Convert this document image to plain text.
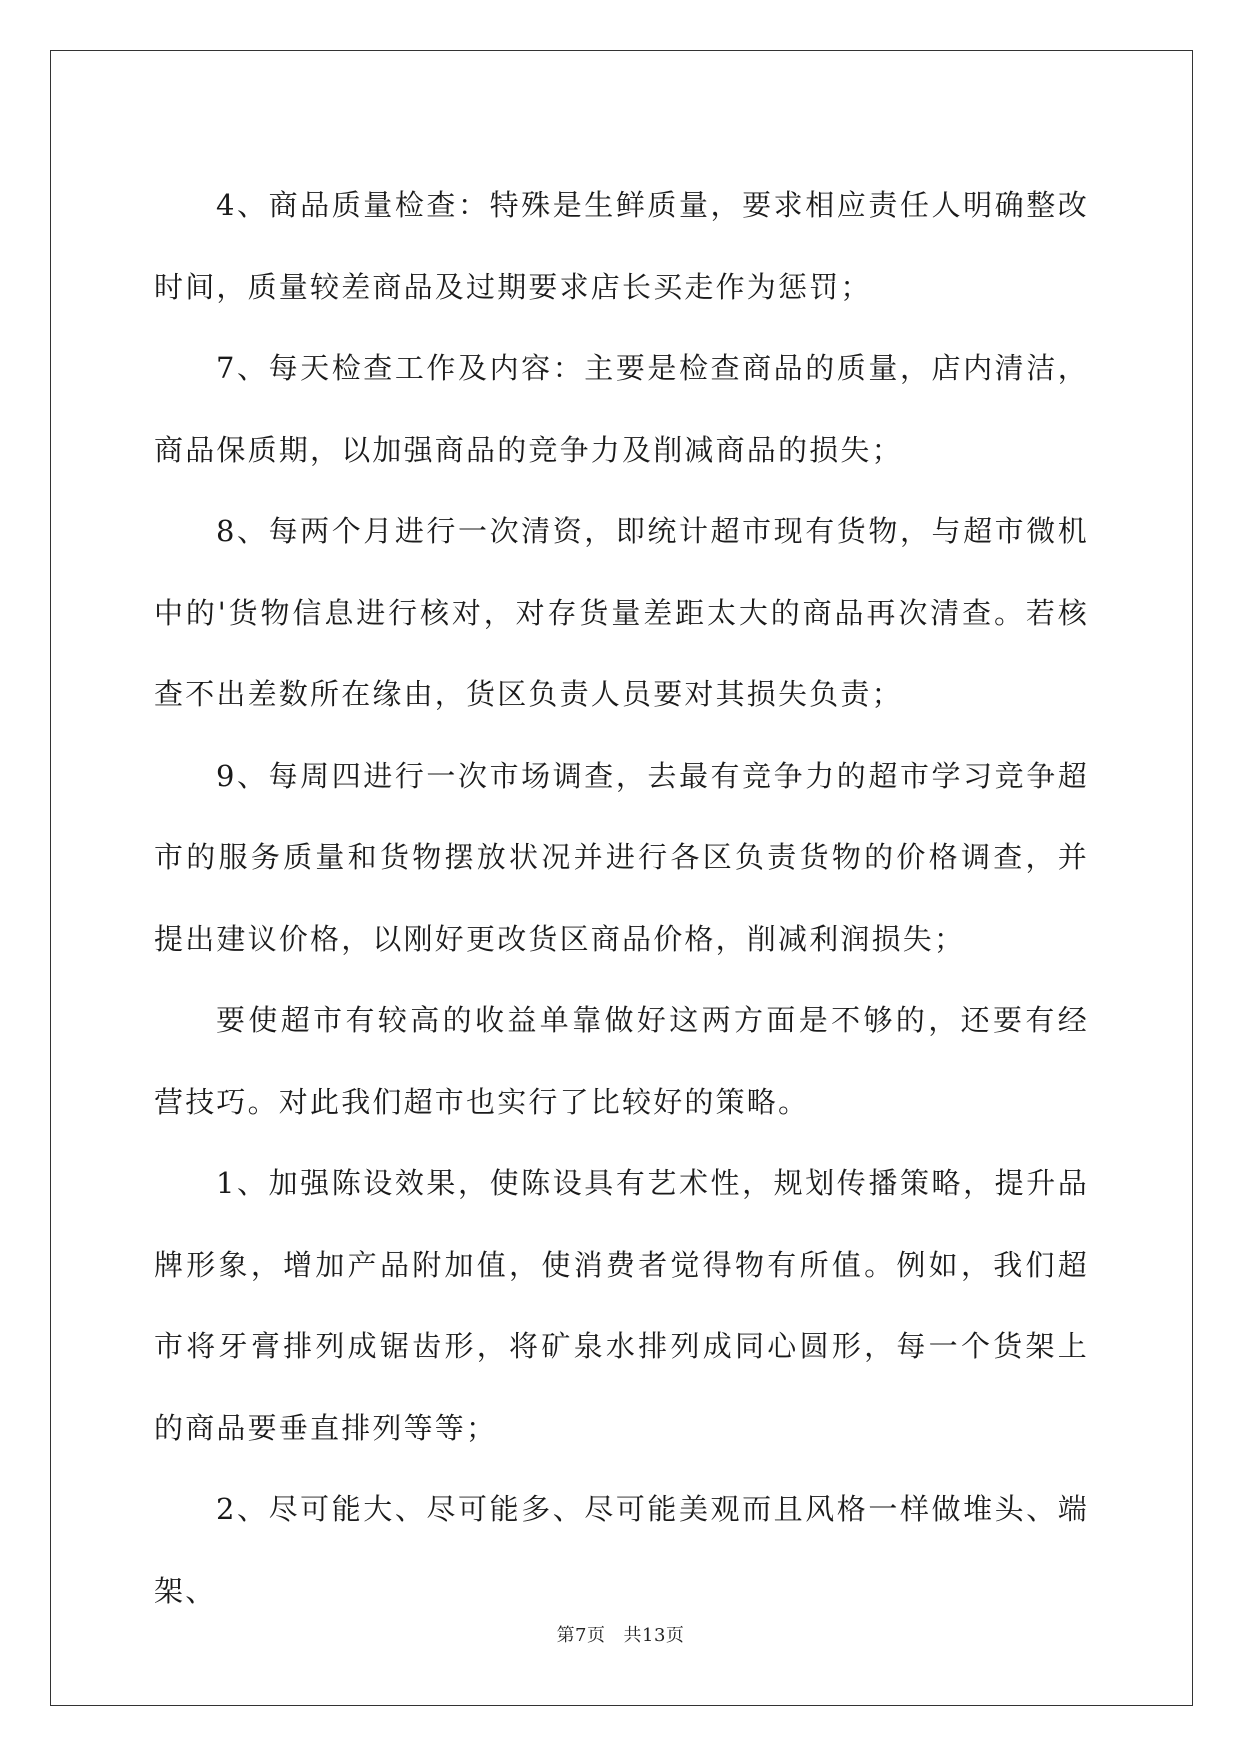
4、商品质量检查：特殊是生鲜质量，要求相应责任人明确整改时间，质量较差商品及过期要求店长买走作为惩罚；

7、每天检查工作及内容：主要是检查商品的质量，店内清洁，商品保质期，以加强商品的竞争力及削减商品的损失；

8、每两个月进行一次清资，即统计超市现有货物，与超市微机中的'货物信息进行核对，对存货量差距太大的商品再次清查。若核查不出差数所在缘由，货区负责人员要对其损失负责；

9、每周四进行一次市场调查，去最有竞争力的超市学习竞争超市的服务质量和货物摆放状况并进行各区负责货物的价格调查，并提出建议价格，以刚好更改货区商品价格，削减利润损失；

要使超市有较高的收益单靠做好这两方面是不够的，还要有经营技巧。对此我们超市也实行了比较好的策略。

1、加强陈设效果，使陈设具有艺术性，规划传播策略，提升品牌形象，增加产品附加值，使消费者觉得物有所值。例如，我们超市将牙膏排列成锯齿形，将矿泉水排列成同心圆形，每一个货架上的商品要垂直排列等等；

2、尽可能大、尽可能多、尽可能美观而且风格一样做堆头、端架、

第7页 共13页
